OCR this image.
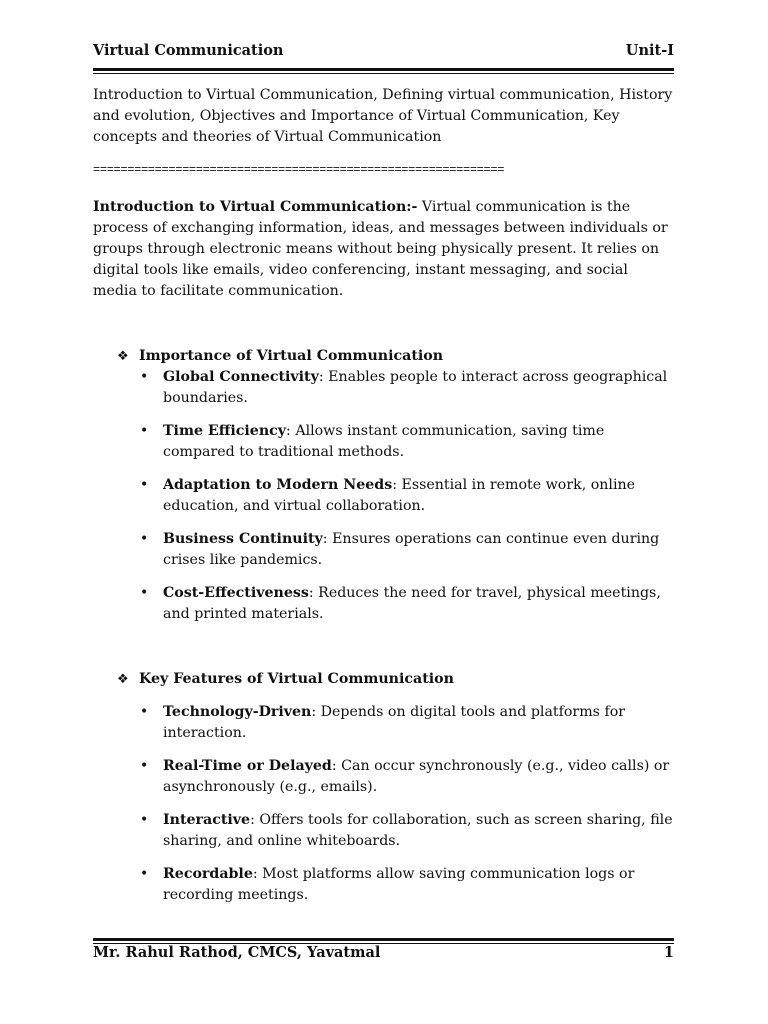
Virtual Communication	Unit-I

Introduction to Virtual Communication, Defining virtual communication, History and evolution, Objectives and Importance of Virtual Communication, Key concepts and theories of Virtual Communication

============================================================

Introduction to Virtual Communication:- Virtual communication is the process of exchanging information, ideas, and messages between individuals or groups through electronic means without being physically present. It relies on digital tools like emails, video conferencing, instant messaging, and social media to facilitate communication.

❖ Importance of Virtual Communication
• Global Connectivity: Enables people to interact across geographical boundaries.
• Time Efficiency: Allows instant communication, saving time compared to traditional methods.
• Adaptation to Modern Needs: Essential in remote work, online education, and virtual collaboration.
• Business Continuity: Ensures operations can continue even during crises like pandemics.
• Cost-Effectiveness: Reduces the need for travel, physical meetings, and printed materials.
❖ Key Features of Virtual Communication
• Technology-Driven: Depends on digital tools and platforms for interaction.
• Real-Time or Delayed: Can occur synchronously (e.g., video calls) or asynchronously (e.g., emails).
• Interactive: Offers tools for collaboration, such as screen sharing, file sharing, and online whiteboards.
• Recordable: Most platforms allow saving communication logs or recording meetings.
Mr. Rahul Rathod, CMCS, Yavatmal	1
